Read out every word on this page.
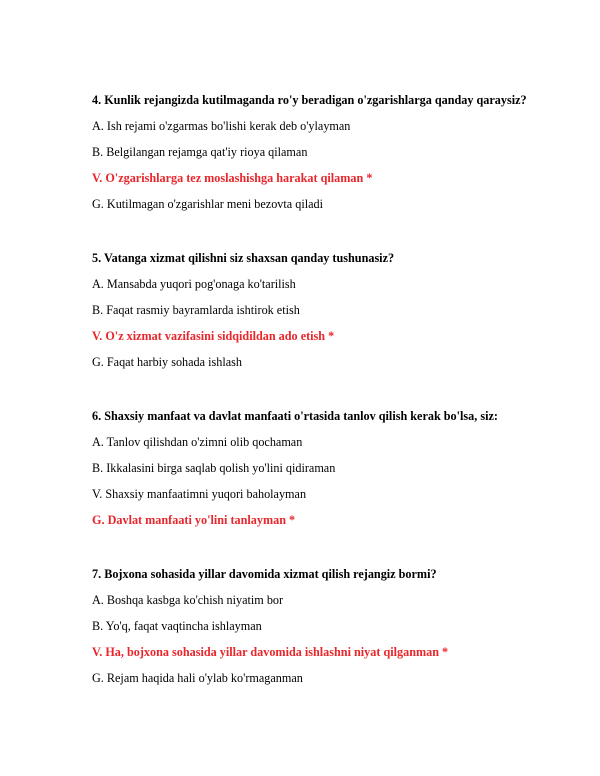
4. Kunlik rejangizda kutilmaganda ro'y beradigan o'zgarishlarga qanday qaraysiz?
A. Ish rejami o'zgarmas bo'lishi kerak deb o'ylayman
B. Belgilangan rejamga qat'iy rioya qilaman
V. O'zgarishlarga tez moslashishga harakat qilaman *
G. Kutilmagan o'zgarishlar meni bezovta qiladi
5. Vatanga xizmat qilishni siz shaxsan qanday tushunasiz?
A. Mansabda yuqori pog'onaga ko'tarilish
B. Faqat rasmiy bayramlarda ishtirok etish
V. O'z xizmat vazifasini sidqidildan ado etish *
G. Faqat harbiy sohada ishlash
6. Shaxsiy manfaat va davlat manfaati o'rtasida tanlov qilish kerak bo'lsa, siz:
A. Tanlov qilishdan o'zimni olib qochaman
B. Ikkalasini birga saqlab qolish yo'lini qidiraman
V. Shaxsiy manfaatimni yuqori baholayman
G. Davlat manfaati yo'lini tanlayman *
7. Bojxona sohasida yillar davomida xizmat qilish rejangiz bormi?
A. Boshqa kasbga ko'chish niyatim bor
B. Yo'q, faqat vaqtincha ishlayman
V. Ha, bojxona sohasida yillar davomida ishlashni niyat qilganman *
G. Rejam haqida hali o'ylab ko'rmaganman
